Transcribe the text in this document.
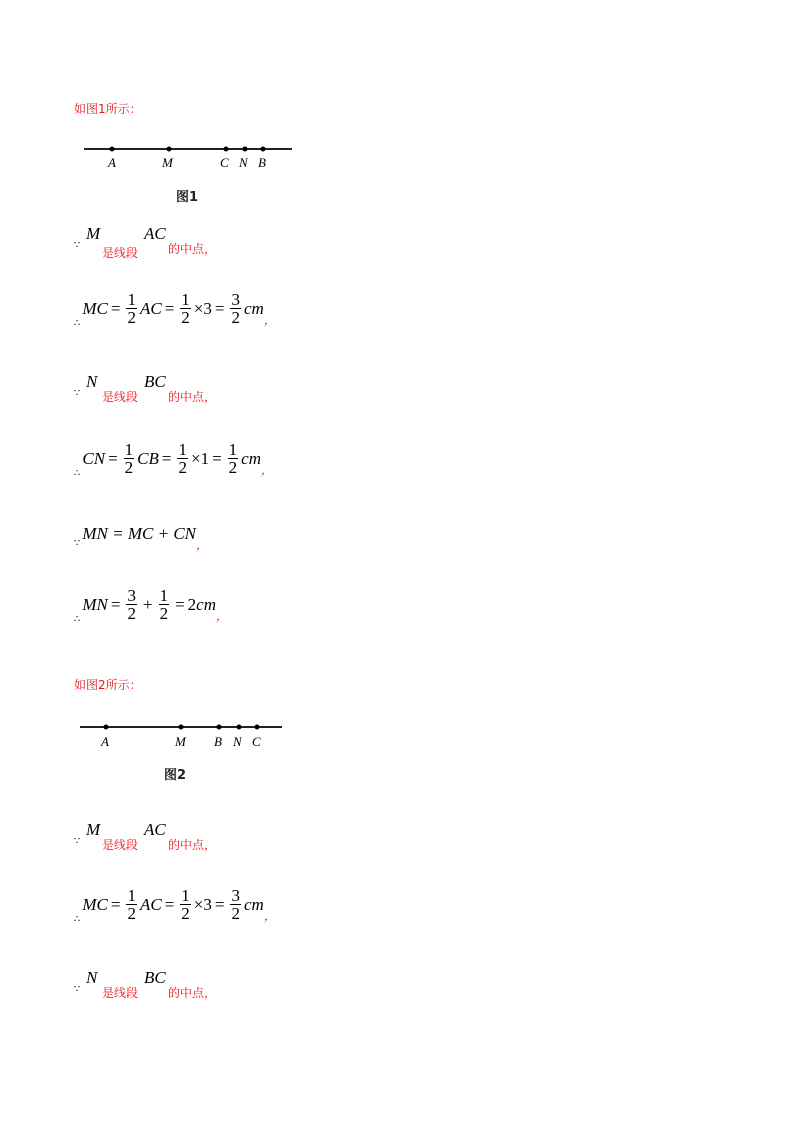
如图1所示：
A	M	C N B
图1
∵
M
是线段
AC
的中点，
∴
MC = $\frac{1}{2}$ AC = $\frac{1}{2} \times 3 = \frac{3}{2}$ cm
，
∵
N
是线段
BC
的中点，
∴
CN = $\frac{1}{2}$ CB = $\frac{1}{2} \times 1 = \frac{1}{2}$ cm
，
∵
MN = MC + CN
，
∴
MN = $\frac{3}{2} + \frac{1}{2} = 2$ cm
，
如图2所示：
A	M B N C
图2
∵
M
是线段
AC
的中点，
∴
MC = $\frac{1}{2}$ AC = $\frac{1}{2} \times 3 = \frac{3}{2}$ cm
，
∵
N
是线段
BC
的中点，
